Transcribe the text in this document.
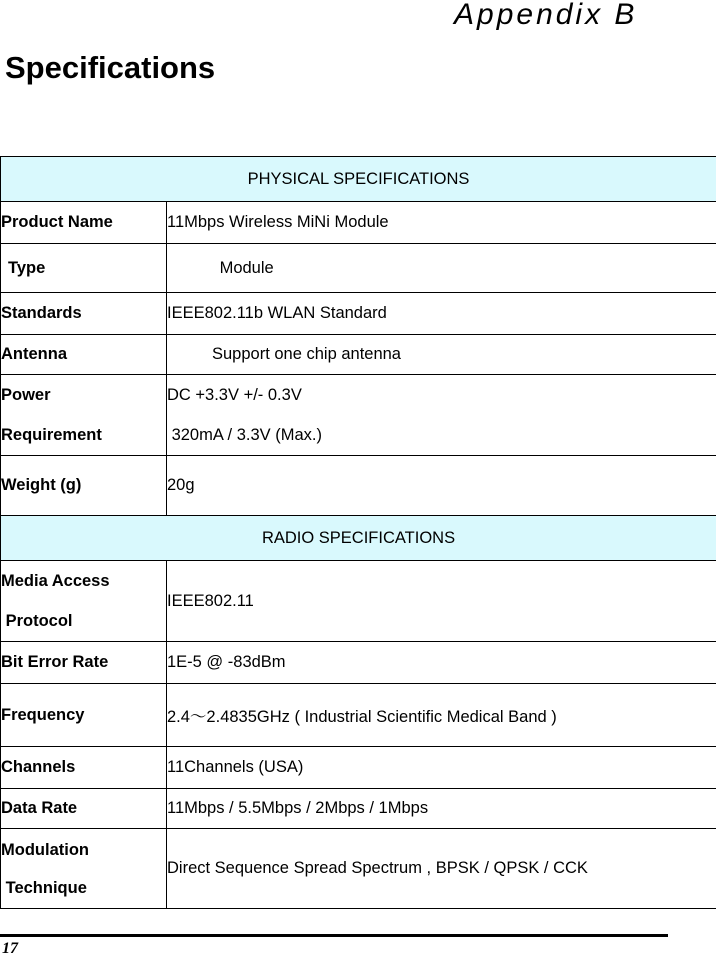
Appendix B
Specifications
PHYSICAL SPECIFICATIONS	

Product Name	11Mbps Wireless MiNi Module

Type	Module

Standards	IEEE802.11b WLAN Standard

Antenna	Support one chip antenna

Power
Requirement	DC +3.3V +/- 0.3V
320mA / 3.3V (Max.)

Weight (g)	20g

RADIO SPECIFICATIONS	

Media Access
Protocol	IEEE802.11

Bit Error Rate	1E-5 @ -83dBm

Frequency	2.4～2.4835GHz ( Industrial Scientific Medical Band )

Channels	11Channels (USA)

Data Rate	11Mbps / 5.5Mbps / 2Mbps / 1Mbps

Modulation
Technique	Direct Sequence Spread Spectrum , BPSK / QPSK / CCK
17
